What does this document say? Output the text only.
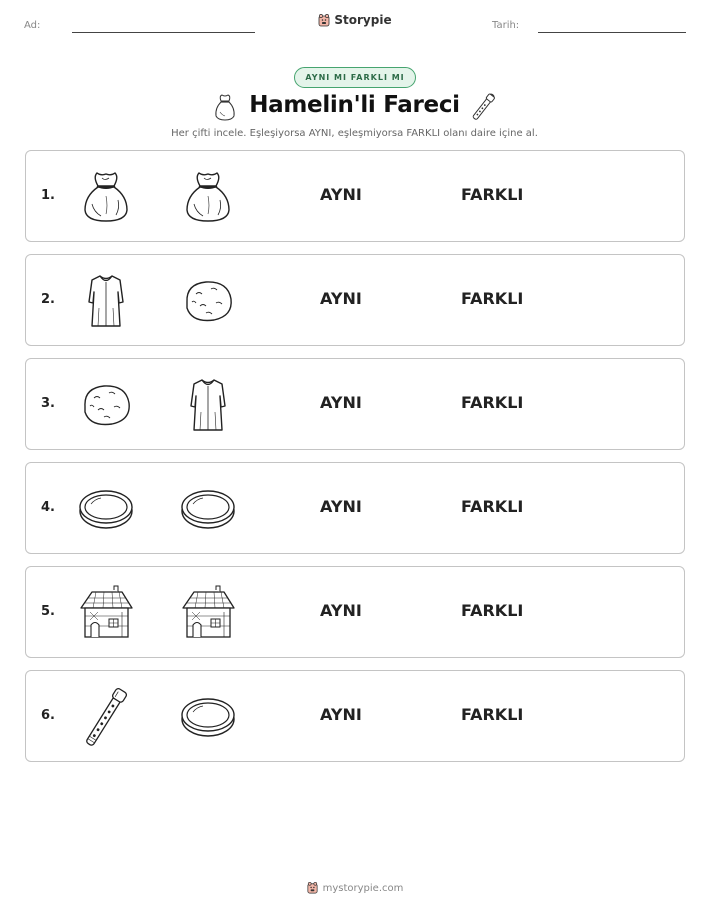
Ad:	Storypie	Tarih:
AYNI MI FARKLI MI
Hamelin'li Fareci
Her çifti incele. Eşleşiyorsa AYNI, eşleşmiyorsa FARKLI olanı daire içine al.
1.	AYNI	FARKLI
2.	AYNI	FARKLI
3.	AYNI	FARKLI
4.	AYNI	FARKLI
5.	AYNI	FARKLI
6.	AYNI	FARKLI
mystorypie.com
